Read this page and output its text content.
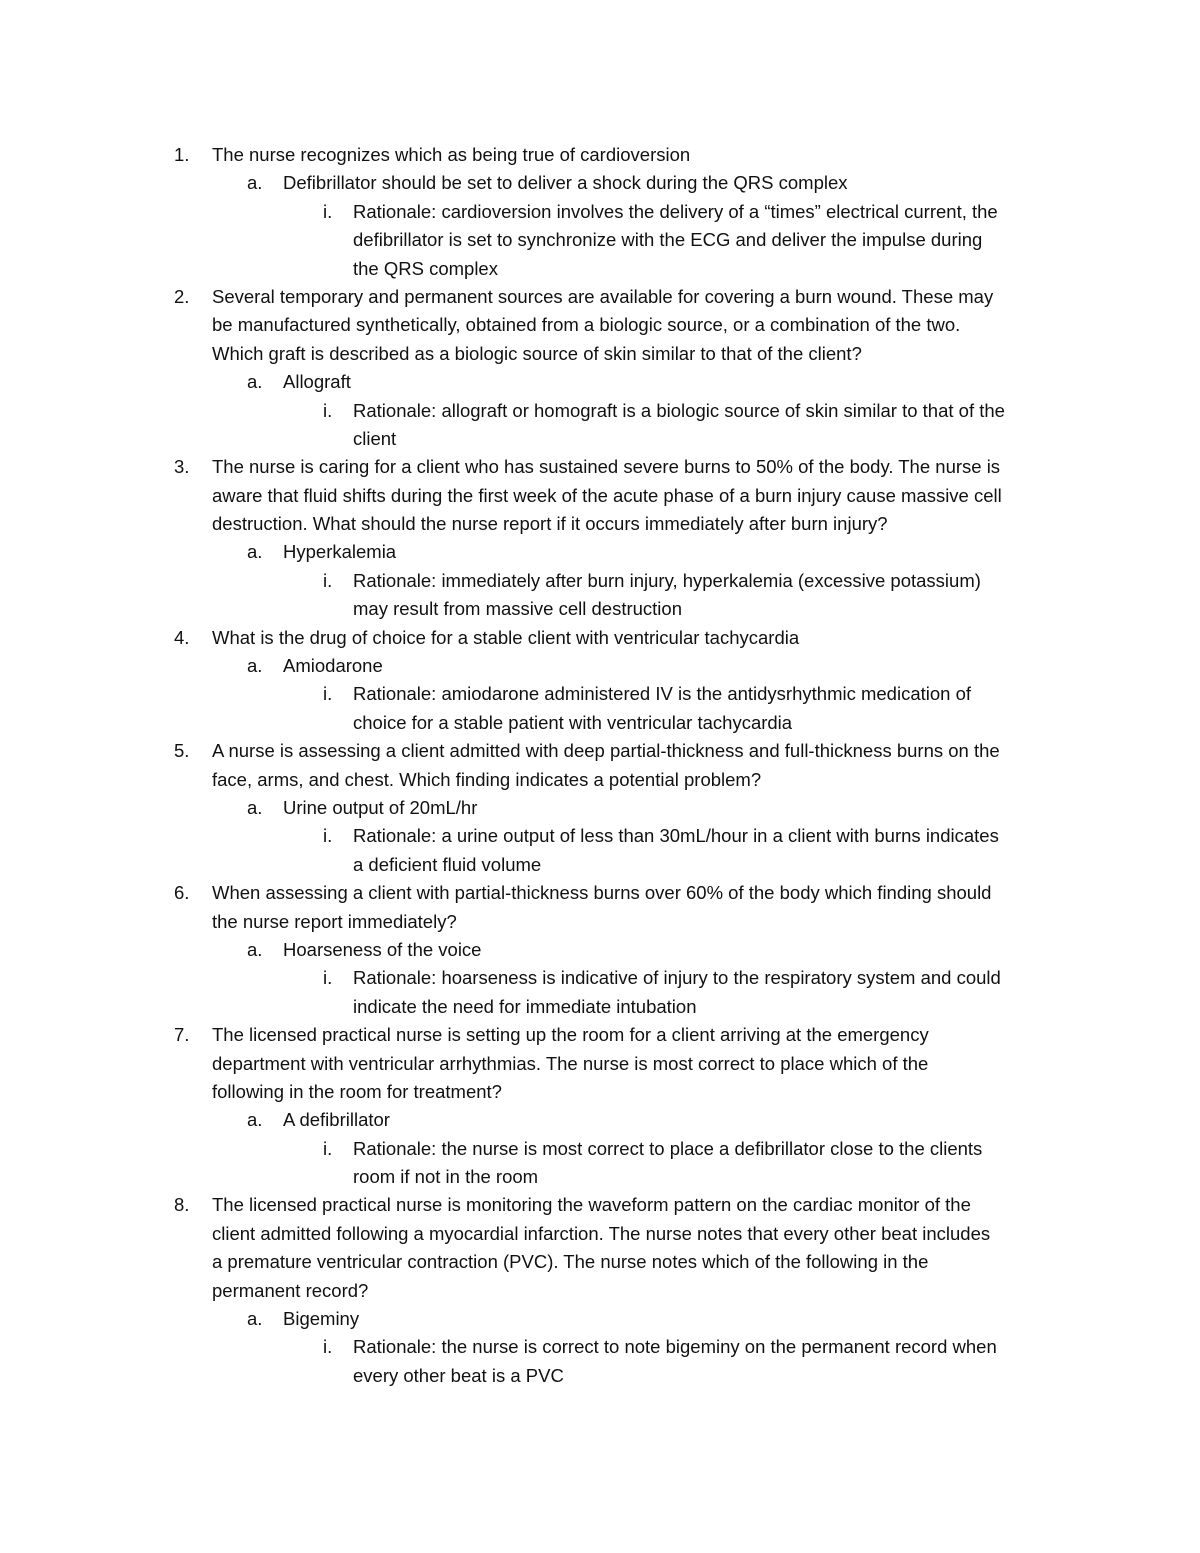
1. The nurse recognizes which as being true of cardioversion
a. Defibrillator should be set to deliver a shock during the QRS complex
i. Rationale: cardioversion involves the delivery of a “times” electrical current, the
defibrillator is set to synchronize with the ECG and deliver the impulse during
the QRS complex
2. Several temporary and permanent sources are available for covering a burn wound. These may
be manufactured synthetically, obtained from a biologic source, or a combination of the two.
Which graft is described as a biologic source of skin similar to that of the client?
a. Allograft
i. Rationale: allograft or homograft is a biologic source of skin similar to that of the
client
3. The nurse is caring for a client who has sustained severe burns to 50% of the body. The nurse is
aware that fluid shifts during the first week of the acute phase of a burn injury cause massive cell
destruction. What should the nurse report if it occurs immediately after burn injury?
a. Hyperkalemia
i. Rationale: immediately after burn injury, hyperkalemia (excessive potassium)
may result from massive cell destruction
4. What is the drug of choice for a stable client with ventricular tachycardia
a. Amiodarone
i. Rationale: amiodarone administered IV is the antidysrhythmic medication of
choice for a stable patient with ventricular tachycardia
5. A nurse is assessing a client admitted with deep partial-thickness and full-thickness burns on the
face, arms, and chest. Which finding indicates a potential problem?
a. Urine output of 20mL/hr
i. Rationale: a urine output of less than 30mL/hour in a client with burns indicates
a deficient fluid volume
6. When assessing a client with partial-thickness burns over 60% of the body which finding should
the nurse report immediately?
a. Hoarseness of the voice
i. Rationale: hoarseness is indicative of injury to the respiratory system and could
indicate the need for immediate intubation
7. The licensed practical nurse is setting up the room for a client arriving at the emergency
department with ventricular arrhythmias. The nurse is most correct to place which of the
following in the room for treatment?
a. A defibrillator
i. Rationale: the nurse is most correct to place a defibrillator close to the clients
room if not in the room
8. The licensed practical nurse is monitoring the waveform pattern on the cardiac monitor of the
client admitted following a myocardial infarction. The nurse notes that every other beat includes
a premature ventricular contraction (PVC). The nurse notes which of the following in the
permanent record?
a. Bigeminy
i. Rationale: the nurse is correct to note bigeminy on the permanent record when
every other beat is a PVC
